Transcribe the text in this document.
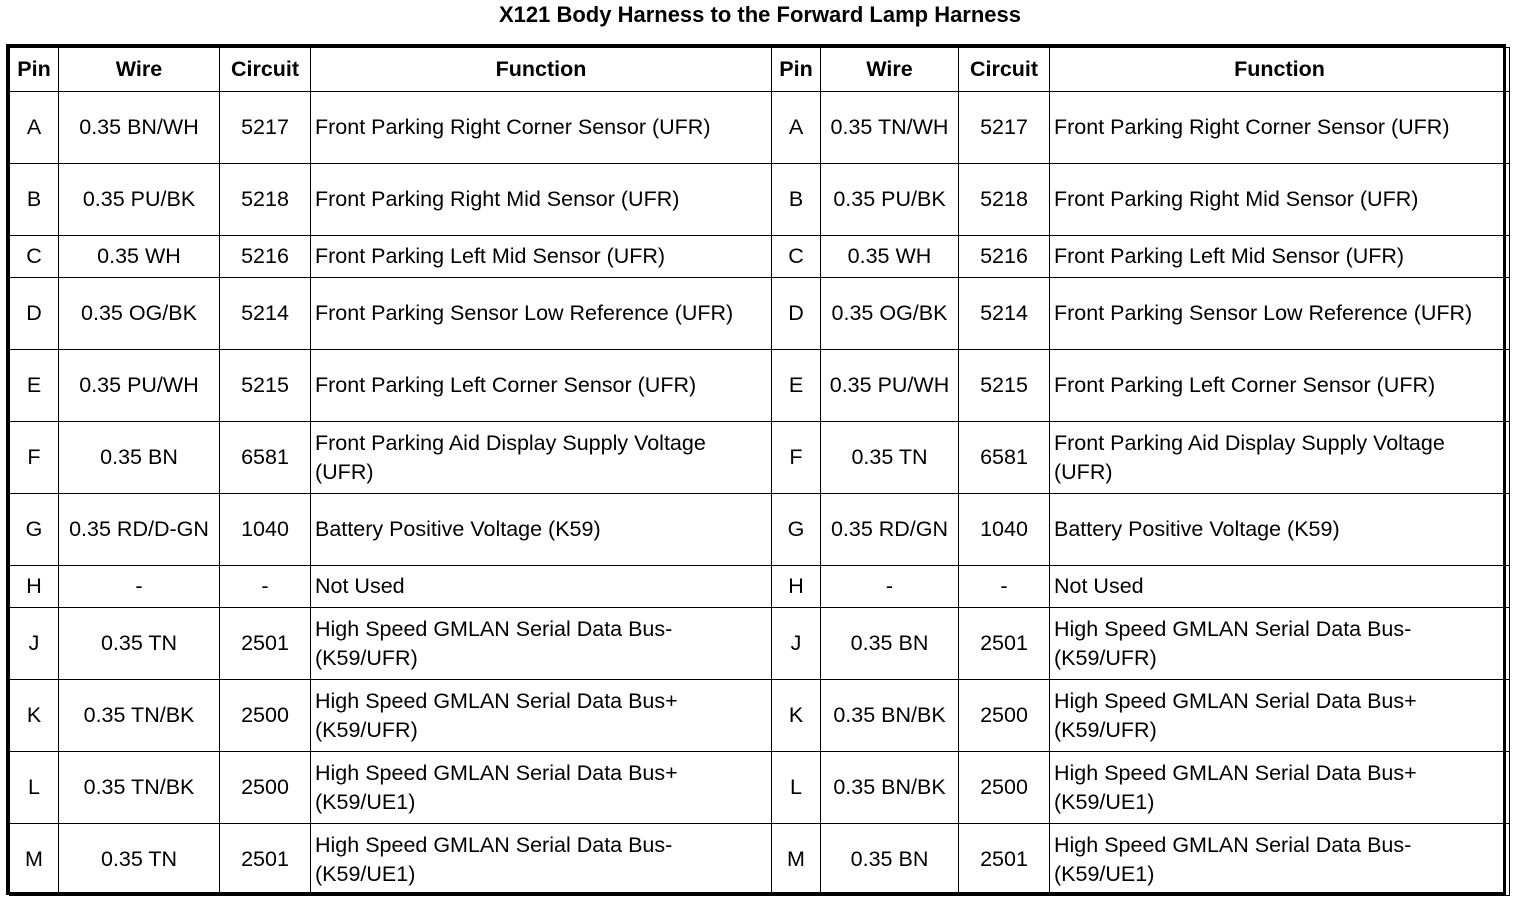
X121 Body Harness to the Forward Lamp Harness
Pin	Wire	Circuit	Function	Pin	Wire	Circuit	Function
A	0.35 BN/WH	5217	Front Parking Right Corner Sensor (UFR)	A	0.35 TN/WH	5217	Front Parking Right Corner Sensor (UFR)
B	0.35 PU/BK	5218	Front Parking Right Mid Sensor (UFR)	B	0.35 PU/BK	5218	Front Parking Right Mid Sensor (UFR)
C	0.35 WH	5216	Front Parking Left Mid Sensor (UFR)	C	0.35 WH	5216	Front Parking Left Mid Sensor (UFR)
D	0.35 OG/BK	5214	Front Parking Sensor Low Reference (UFR)	D	0.35 OG/BK	5214	Front Parking Sensor Low Reference (UFR)
E	0.35 PU/WH	5215	Front Parking Left Corner Sensor (UFR)	E	0.35 PU/WH	5215	Front Parking Left Corner Sensor (UFR)
F	0.35 BN	6581	Front Parking Aid Display Supply Voltage (UFR)	F	0.35 TN	6581	Front Parking Aid Display Supply Voltage (UFR)
G	0.35 RD/D-GN	1040	Battery Positive Voltage (K59)	G	0.35 RD/GN	1040	Battery Positive Voltage (K59)
H	-	-	Not Used	H	-	-	Not Used
J	0.35 TN	2501	High Speed GMLAN Serial Data Bus- (K59/UFR)	J	0.35 BN	2501	High Speed GMLAN Serial Data Bus- (K59/UFR)
K	0.35 TN/BK	2500	High Speed GMLAN Serial Data Bus+ (K59/UFR)	K	0.35 BN/BK	2500	High Speed GMLAN Serial Data Bus+ (K59/UFR)
L	0.35 TN/BK	2500	High Speed GMLAN Serial Data Bus+ (K59/UE1)	L	0.35 BN/BK	2500	High Speed GMLAN Serial Data Bus+ (K59/UE1)
M	0.35 TN	2501	High Speed GMLAN Serial Data Bus- (K59/UE1)	M	0.35 BN	2501	High Speed GMLAN Serial Data Bus- (K59/UE1)
